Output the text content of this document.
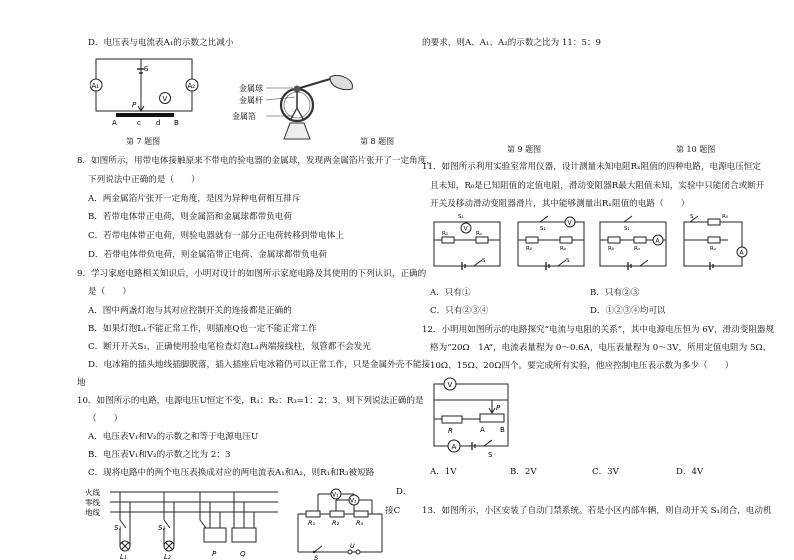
D．电压表与电流表A₁的示数之比减小
A₁	A₂
V
S
P
A	c d B
第 7 题图
金属球
金属杆
金属箔
第 8 题图
8．如图所示，用带电体接触原来不带电的验电器的金属球，发现两金属箔片张开了一定角度，
下列说法中正确的是（　　）
A．两金属箔片张开一定角度，是因为异种电荷相互排斥
B．若带电体带正电荷，则金属箔和金属球都带负电荷
C．若带电体带正电荷，则验电器就有一部分正电荷转移到带电体上
D．若带电体带负电荷，则金属箔带正电荷、金属球都带负电荷
9．学习家庭电路相关知识后，小明对设计的如图所示家庭电路及其使用的下列认识，正确的
是（　　）
A．图中两盏灯泡与其对应控制开关的连接都是正确的
B．如果灯泡L₁不能正常工作，则插座Q也一定不能正常工作
C．断开开关S₁，正确使用验电笔检查灯泡L₁两端接线柱，氖管都不会发光
D．电冰箱的插头地线插脚脱落，插入插座后电冰箱仍可以正常工作，只是金属外壳不能接
地
10．如图所示的电路，电源电压U恒定不变，R₁：R₂：R₃=1：2：3，则下列说法正确的是
（　　）
A．电压表V₁和V₂的示数之和等于电源电压U
B．电压表V₁和V₂的示数之比为 2：3
C．现将电路中的两个电压表换成对应的两电流表A₁和A₂，则R₁和R₃被短路
D．
接C
火线
零线
地线
S₁	S₂
L₁	L₂	P	Q
V₁
V₂
R₁	R₂	R₃
U
S
的要求，则A、A₁、A₂的示数之比为 11：5：9
第 9 题图	第 10 题图
11．如图所示利用实验室常用仪器，设计测量未知电阻Rₓ阻值的四种电路，电源电压恒定
且未知，R₀是已知阻值的定值电阻，滑动变阻器R最大阻值未知，实验中只能闭合或断开
开关及移动滑动变阻器滑片，其中能够测量出Rₓ阻值的电路（　　）
V
S₁
R₀	Rₓ
S
V
S₁
R₀	Rₓ
S
A
S₁
R₀	Rₓ
A
S	R₀
Rₓ
A．只有①	B．只有②③
C．只有②③④	D．①②③④均可以
12．小明用如图所示的电路探究“电流与电阻的关系”，其中电源电压恒为 6V，滑动变阻器规
格为“20Ω　1A”，电流表量程为 0～0.6A，电压表量程为 0～3V，所用定值电阻为 5Ω、
10Ω、15Ω、20Ω四个。要完成所有实验，他应控制电压表示数为多少（　　）
V
R
P
A B
A
S
A．1V	B．2V	C．3V	D．4V
13．如图所示，小区安装了自动门禁系统。若是小区内部车辆，则自动开关 S₁闭合，电动机
